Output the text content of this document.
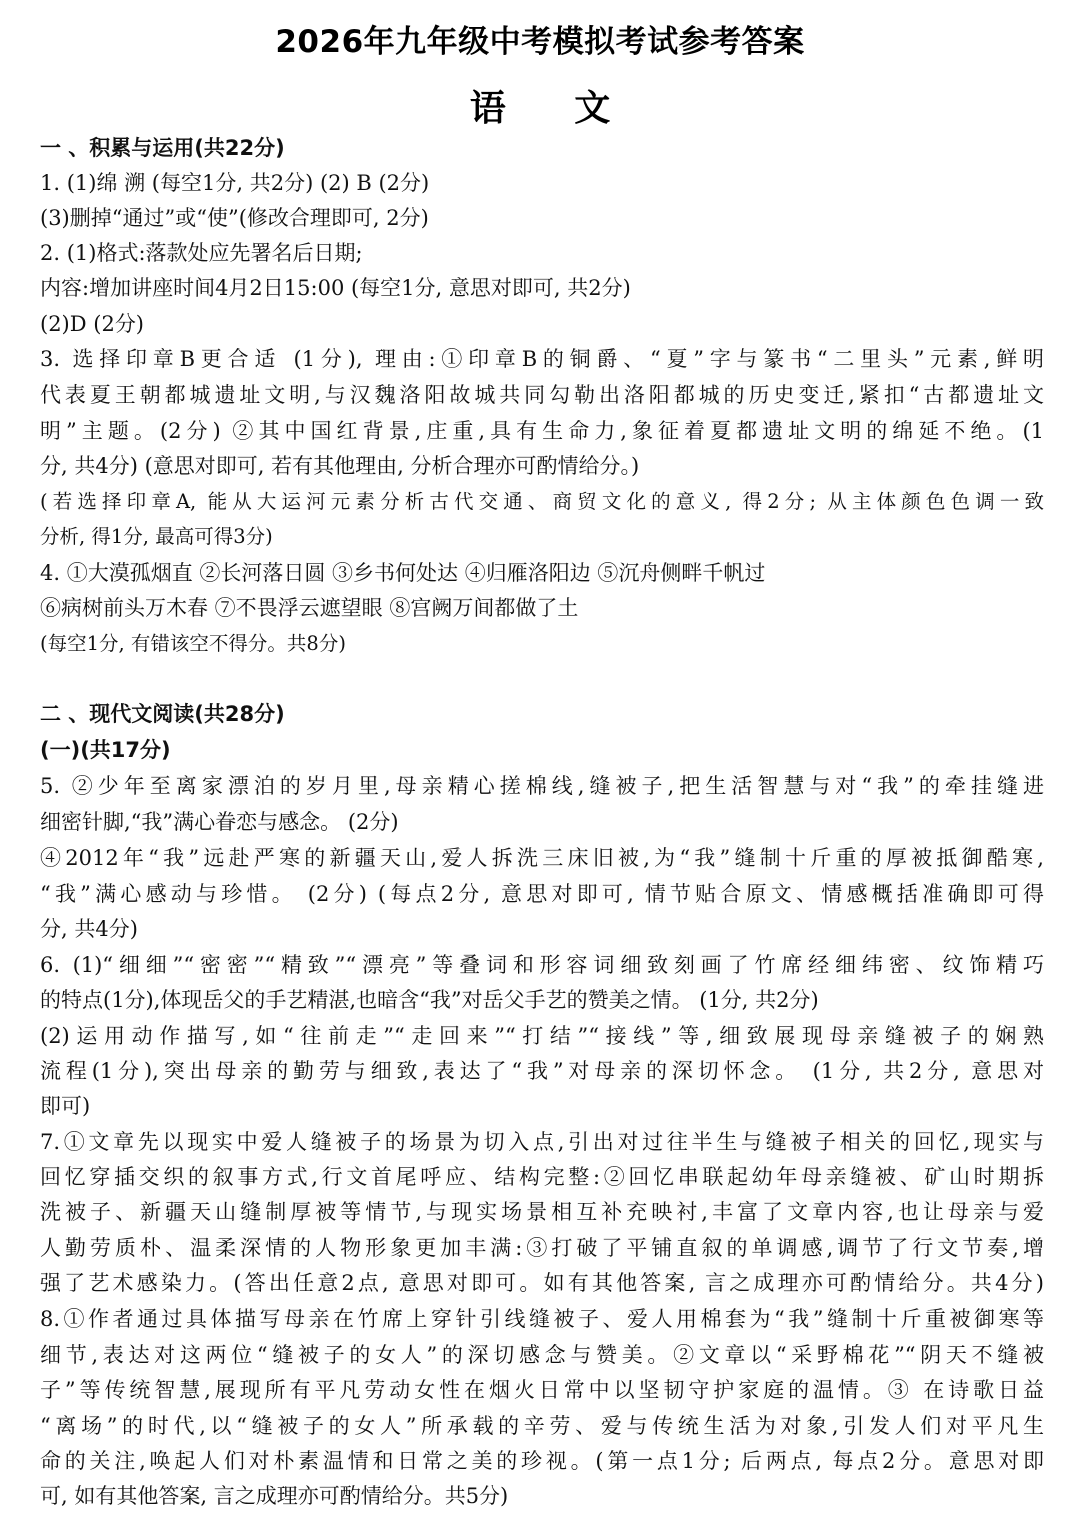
2026年九年级中考模拟考试参考答案
语 文
一 、积累与运用(共22分)
1. (1)绵 溯 (每空1分, 共2分) (2) B (2分)
(3)删掉“通过”或“使”(修改合理即可, 2分)
2. (1)格式:落款处应先署名后日期;
内容:增加讲座时间4月2日15:00 (每空1分, 意思对即可, 共2分)
(2)D (2分)
3. 选择印章B更合适 (1分), 理由:①印章B的铜爵、“夏”字与篆书“二里头”元素,鲜明
代表夏王朝都城遗址文明,与汉魏洛阳故城共同勾勒出洛阳都城的历史变迁,紧扣“古都遗址文
明”主题。(2分) ②其中国红背景,庄重,具有生命力,象征着夏都遗址文明的绵延不绝。(1
分, 共4分) (意思对即可, 若有其他理由, 分析合理亦可酌情给分。)
(若选择印章A, 能从大运河元素分析古代交通、商贸文化的意义, 得2分; 从主体颜色色调一致
分析, 得1分, 最高可得3分)
4. ①大漠孤烟直 ②长河落日圆 ③乡书何处达 ④归雁洛阳边 ⑤沉舟侧畔千帆过
⑥病树前头万木春 ⑦不畏浮云遮望眼 ⑧宫阙万间都做了土
(每空1分, 有错该空不得分。共8分)
二 、现代文阅读(共28分)
(一)(共17分)
5. ②少年至离家漂泊的岁月里,母亲精心搓棉线,缝被子,把生活智慧与对“我”的牵挂缝进
细密针脚,“我”满心眷恋与感念。 (2分)
④2012年“我”远赴严寒的新疆天山,爱人拆洗三床旧被,为“我”缝制十斤重的厚被抵御酷寒,
“我”满心感动与珍惜。 (2分) (每点2分, 意思对即可, 情节贴合原文、情感概括准确即可得
分, 共4分)
6. (1)“细细”“密密”“精致”“漂亮”等叠词和形容词细致刻画了竹席经细纬密、纹饰精巧
的特点(1分),体现岳父的手艺精湛,也暗含“我”对岳父手艺的赞美之情。 (1分, 共2分)
(2)运用动作描写,如“往前走”“走回来”“打结”“接线”等,细致展现母亲缝被子的娴熟
流程(1分),突出母亲的勤劳与细致,表达了“我”对母亲的深切怀念。 (1分, 共2分, 意思对
即可)
7.①文章先以现实中爱人缝被子的场景为切入点,引出对过往半生与缝被子相关的回忆,现实与
回忆穿插交织的叙事方式,行文首尾呼应、结构完整:②回忆串联起幼年母亲缝被、矿山时期拆
洗被子、新疆天山缝制厚被等情节,与现实场景相互补充映衬,丰富了文章内容,也让母亲与爱
人勤劳质朴、温柔深情的人物形象更加丰满:③打破了平铺直叙的单调感,调节了行文节奏,增
强了艺术感染力。(答出任意2点, 意思对即可。如有其他答案, 言之成理亦可酌情给分。共4分)
8.①作者通过具体描写母亲在竹席上穿针引线缝被子、爱人用棉套为“我”缝制十斤重被御寒等
细节,表达对这两位“缝被子的女人”的深切感念与赞美。②文章以“采野棉花”“阴天不缝被
子”等传统智慧,展现所有平凡劳动女性在烟火日常中以坚韧守护家庭的温情。③ 在诗歌日益
“离场”的时代,以“缝被子的女人”所承载的辛劳、爱与传统生活为对象,引发人们对平凡生
命的关注,唤起人们对朴素温情和日常之美的珍视。(第一点1分; 后两点, 每点2分。意思对即
可, 如有其他答案, 言之成理亦可酌情给分。共5分)
